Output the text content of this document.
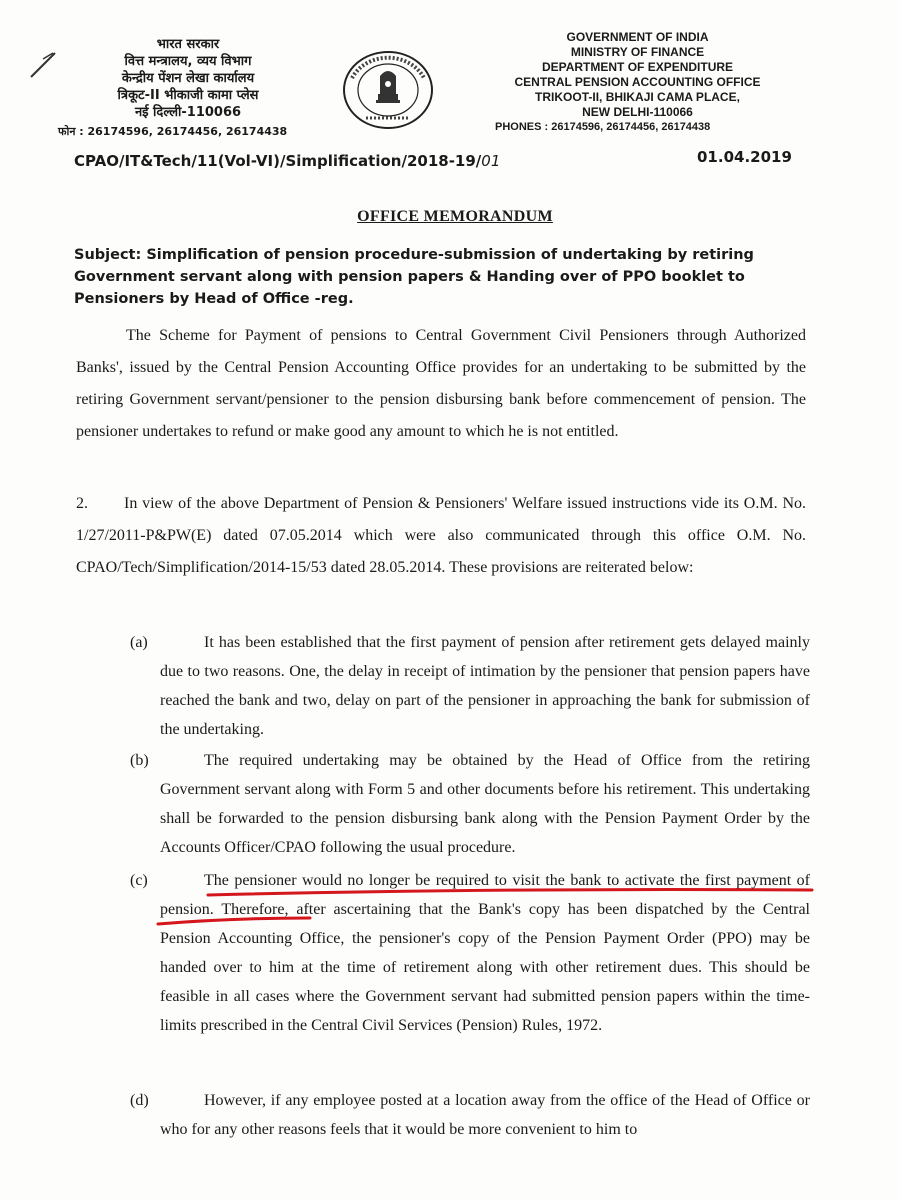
भारत सरकार
वित्त मन्त्रालय, व्यय विभाग
केन्द्रीय पेंशन लेखा कार्यालय
त्रिकूट-II भीकाजी कामा प्लेस
नई दिल्ली-110066
फोन : 26174596, 26174456, 26174438
GOVERNMENT OF INDIA
MINISTRY OF FINANCE
DEPARTMENT OF EXPENDITURE
CENTRAL PENSION ACCOUNTING OFFICE
TRIKOOT-II, BHIKAJI CAMA PLACE,
NEW DELHI-110066
PHONES : 26174596, 26174456, 26174438
CPAO/IT&Tech/11(Vol-VI)/Simplification/2018-19/01	01.04.2019
OFFICE MEMORANDUM
Subject: Simplification of pension procedure-submission of undertaking by retiring Government servant along with pension papers & Handing over of PPO booklet to Pensioners by Head of Office -reg.
The Scheme for Payment of pensions to Central Government Civil Pensioners through Authorized Banks', issued by the Central Pension Accounting Office provides for an undertaking to be submitted by the retiring Government servant/pensioner to the pension disbursing bank before commencement of pension. The pensioner undertakes to refund or make good any amount to which he is not entitled.
2. In view of the above Department of Pension & Pensioners' Welfare issued instructions vide its O.M. No. 1/27/2011-P&PW(E) dated 07.05.2014 which were also communicated through this office O.M. No. CPAO/Tech/Simplification/2014-15/53 dated 28.05.2014. These provisions are reiterated below:
(a)	It has been established that the first payment of pension after retirement gets delayed mainly due to two reasons. One, the delay in receipt of intimation by the pensioner that pension papers have reached the bank and two, delay on part of the pensioner in approaching the bank for submission of the undertaking.
(b)	The required undertaking may be obtained by the Head of Office from the retiring Government servant along with Form 5 and other documents before his retirement. This undertaking shall be forwarded to the pension disbursing bank along with the Pension Payment Order by the Accounts Officer/CPAO following the usual procedure.
(c)	The pensioner would no longer be required to visit the bank to activate the first payment of pension. Therefore, after ascertaining that the Bank's copy has been dispatched by the Central Pension Accounting Office, the pensioner's copy of the Pension Payment Order (PPO) may be handed over to him at the time of retirement along with other retirement dues. This should be feasible in all cases where the Government servant had submitted pension papers within the time-limits prescribed in the Central Civil Services (Pension) Rules, 1972.
(d)	However, if any employee posted at a location away from the office of the Head of Office or who for any other reasons feels that it would be more convenient to him to
